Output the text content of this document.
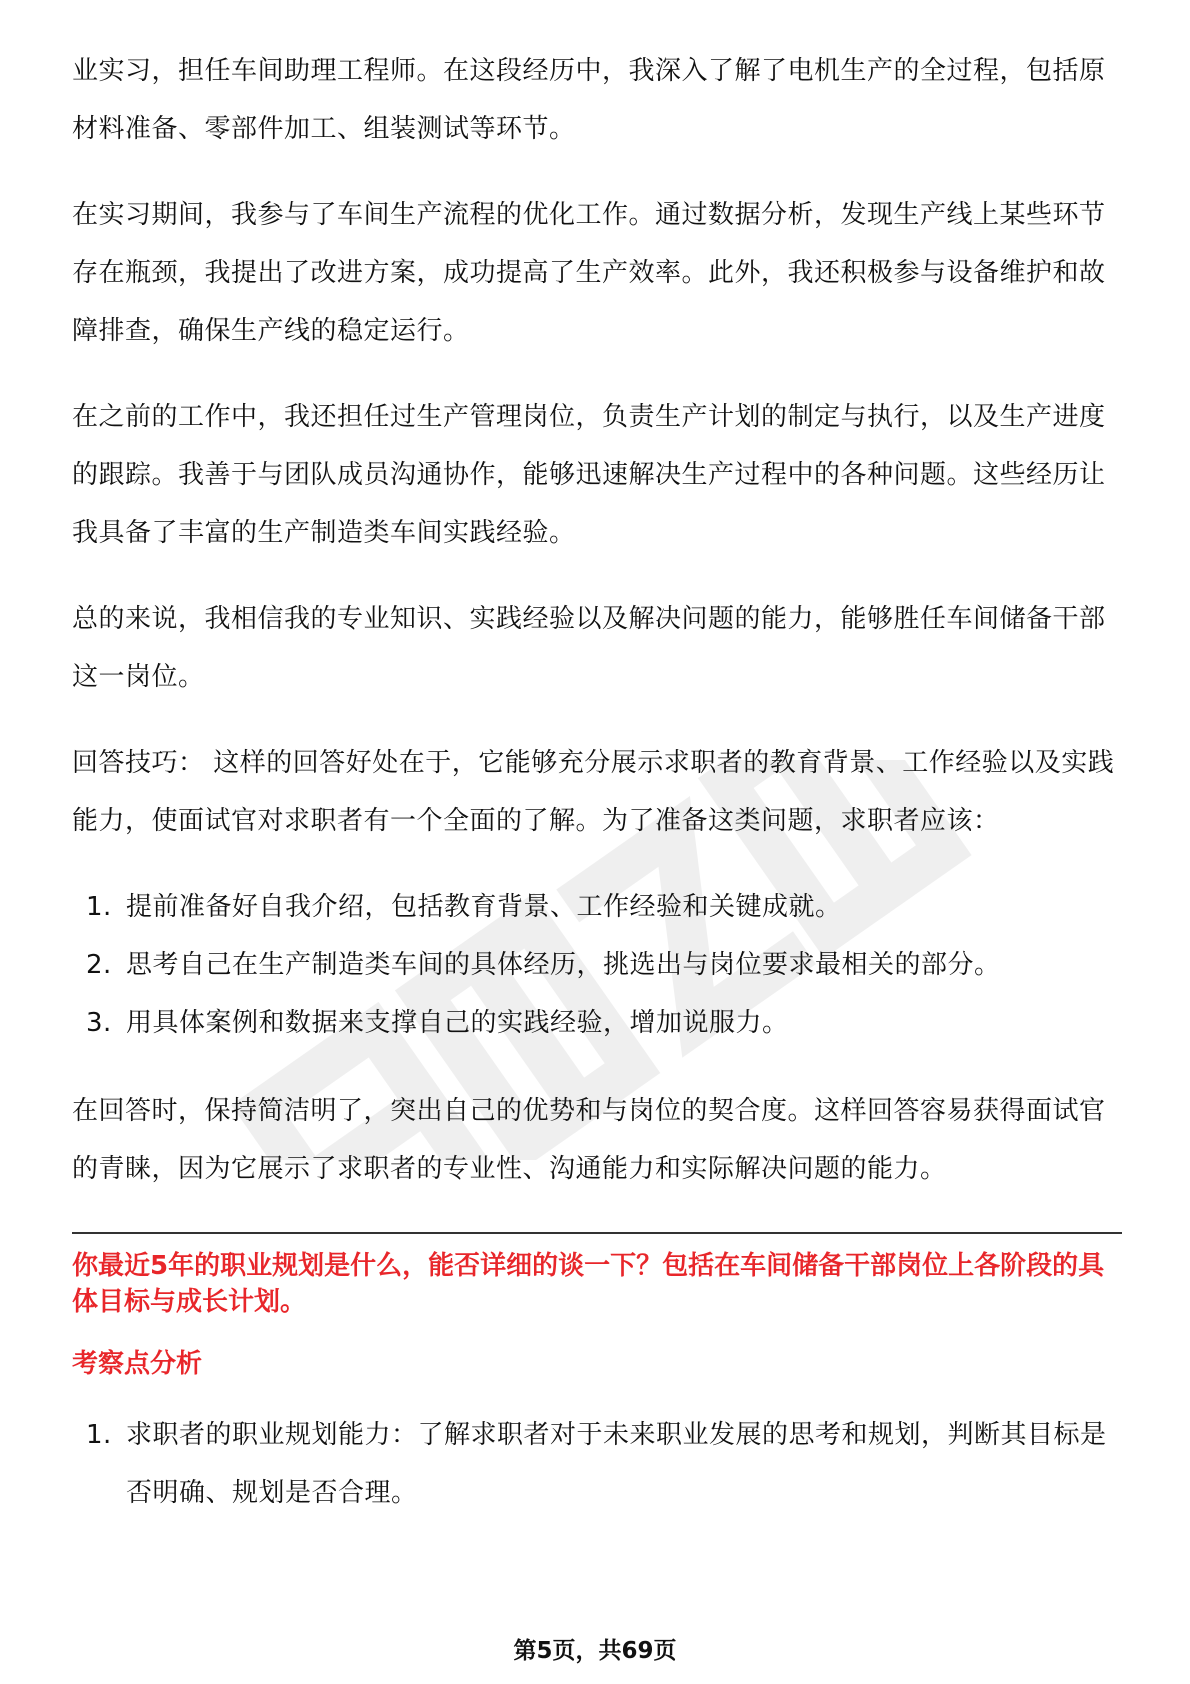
业实习，担任车间助理工程师。在这段经历中，我深入了解了电机生产的全过程，包括原材料准备、零部件加工、组装测试等环节。

在实习期间，我参与了车间生产流程的优化工作。通过数据分析，发现生产线上某些环节存在瓶颈，我提出了改进方案，成功提高了生产效率。此外，我还积极参与设备维护和故障排查，确保生产线的稳定运行。

在之前的工作中，我还担任过生产管理岗位，负责生产计划的制定与执行，以及生产进度的跟踪。我善于与团队成员沟通协作，能够迅速解决生产过程中的各种问题。这些经历让我具备了丰富的生产制造类车间实践经验。

总的来说，我相信我的专业知识、实践经验以及解决问题的能力，能够胜任车间储备干部这一岗位。

回答技巧： 这样的回答好处在于，它能够充分展示求职者的教育背景、工作经验以及实践能力，使面试官对求职者有一个全面的了解。为了准备这类问题，求职者应该：

1. 提前准备好自我介绍，包括教育背景、工作经验和关键成就。
2. 思考自己在生产制造类车间的具体经历，挑选出与岗位要求最相关的部分。
3. 用具体案例和数据来支撑自己的实践经验，增加说服力。

在回答时，保持简洁明了，突出自己的优势和与岗位的契合度。这样回答容易获得面试官的青睐，因为它展示了求职者的专业性、沟通能力和实际解决问题的能力。

你最近5年的职业规划是什么，能否详细的谈一下？包括在车间储备干部岗位上各阶段的具体目标与成长计划。
考察点分析
1. 求职者的职业规划能力：了解求职者对于未来职业发展的思考和规划，判断其目标是否明确、规划是否合理。
第5页，共69页
